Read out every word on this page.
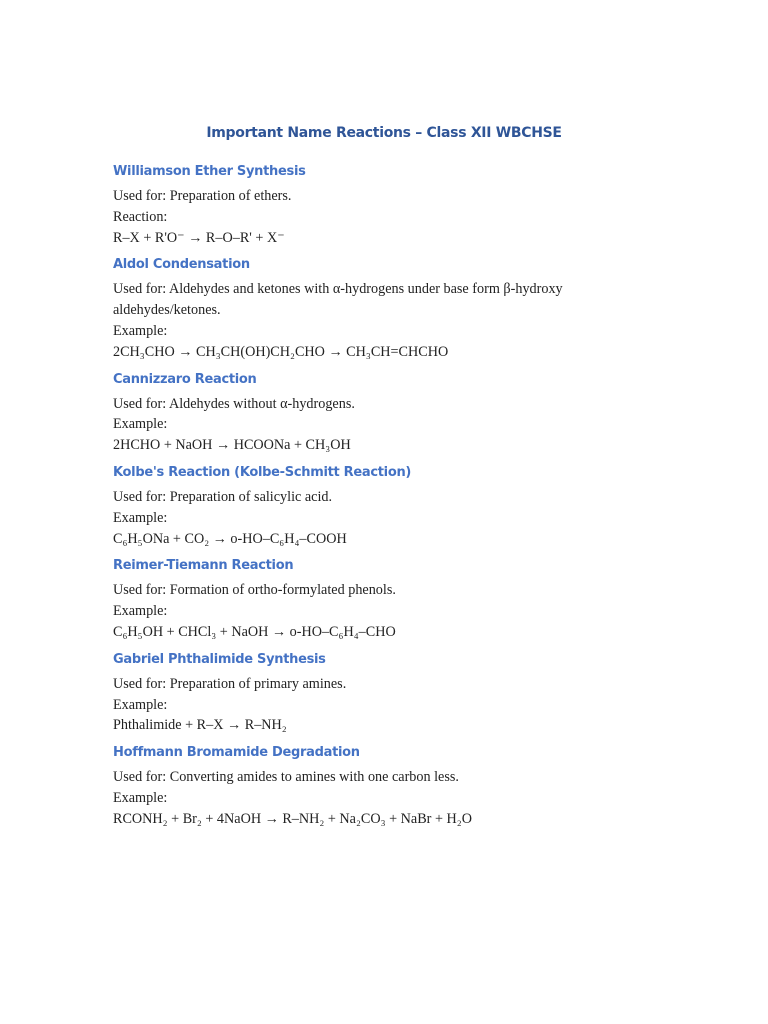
Important Name Reactions – Class XII WBCHSE
Williamson Ether Synthesis

Used for: Preparation of ethers.

Reaction:

R–X + R'O⁻ → R–O–R' + X⁻

Aldol Condensation

Used for: Aldehydes and ketones with α-hydrogens under base form β-hydroxy aldehydes/ketones.

Example:

2CH₃CHO → CH₃CH(OH)CH₂CHO → CH₃CH=CHCHO

Cannizzaro Reaction

Used for: Aldehydes without α-hydrogens.

Example:

2HCHO + NaOH → HCOONa + CH₃OH

Kolbe's Reaction (Kolbe-Schmitt Reaction)

Used for: Preparation of salicylic acid.

Example:

C₆H₅ONa + CO₂ → o-HO–C₆H₄–COOH

Reimer-Tiemann Reaction

Used for: Formation of ortho-formylated phenols.

Example:

C₆H₅OH + CHCl₃ + NaOH → o-HO–C₆H₄–CHO

Gabriel Phthalimide Synthesis

Used for: Preparation of primary amines.

Example:

Phthalimide + R–X → R–NH₂

Hoffmann Bromamide Degradation

Used for: Converting amides to amines with one carbon less.

Example:

RCONH₂ + Br₂ + 4NaOH → R–NH₂ + Na₂CO₃ + NaBr + H₂O
